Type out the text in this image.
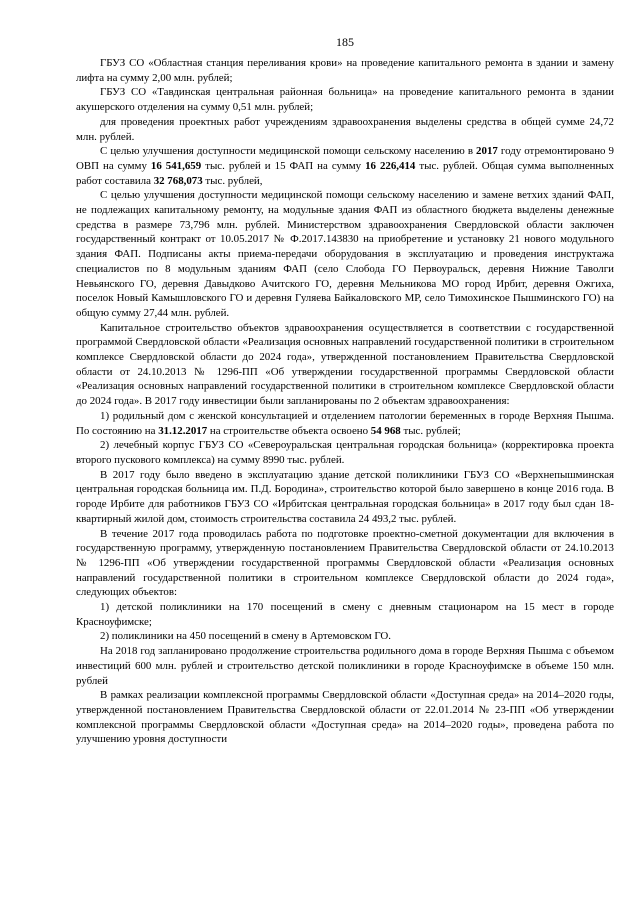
185

ГБУЗ СО «Областная станция переливания крови» на проведение капитального ремонта в здании и замену лифта на сумму 2,00 млн. рублей;

ГБУЗ СО «Тавдинская центральная районная больница» на проведение капитального ремонта в здании акушерского отделения на сумму 0,51 млн. рублей;

для проведения проектных работ учреждениям здравоохранения выделены средства в общей сумме 24,72 млн. рублей.

С целью улучшения доступности медицинской помощи сельскому населению в 2017 году отремонтировано 9 ОВП на сумму 16 541,659 тыс. рублей и 15 ФАП на сумму 16 226,414 тыс. рублей. Общая сумма выполненных работ составила 32 768,073 тыс. рублей,

С целью улучшения доступности медицинской помощи сельскому населению и замене ветхих зданий ФАП, не подлежащих капитальному ремонту, на модульные здания ФАП из областного бюджета выделены денежные средства в размере 73,796 млн. рублей. Министерством здравоохранения Свердловской области заключен государственный контракт от 10.05.2017 № Ф.2017.143830 на приобретение и установку 21 нового модульного здания ФАП. Подписаны акты приема-передачи оборудования в эксплуатацию и проведения инструктажа специалистов по 8 модульным зданиям ФАП (село Слобода ГО Первоуральск, деревня Нижние Таволги Невьянского ГО, деревня Давыдково Ачитского ГО, деревня Мельникова МО город Ирбит, деревня Ожгиха, поселок Новый Камышловского ГО и деревня Гуляева Байкаловского МР, село Тимохинское Пышминского ГО) на общую сумму 27,44 млн. рублей.

Капитальное строительство объектов здравоохранения осуществляется в соответствии с государственной программой Свердловской области «Реализация основных направлений государственной политики в строительном комплексе Свердловской области до 2024 года», утвержденной постановлением Правительства Свердловской области от 24.10.2013 № 1296-ПП «Об утверждении государственной программы Свердловской области «Реализация основных направлений государственной политики в строительном комплексе Свердловской области до 2024 года». В 2017 году инвестиции были запланированы по 2 объектам здравоохранения:

1) родильный дом с женской консультацией и отделением патологии беременных в городе Верхняя Пышма. По состоянию на 31.12.2017 на строительстве объекта освоено 54 968 тыс. рублей;

2) лечебный корпус ГБУЗ СО «Североуральская центральная городская больница» (корректировка проекта второго пускового комплекса) на сумму 8990 тыс. рублей.

В 2017 году было введено в эксплуатацию здание детской поликлиники ГБУЗ СО «Верхнепышминская центральная городская больница им. П.Д. Бородина», строительство которой было завершено в конце 2016 года. В городе Ирбите для работников ГБУЗ СО «Ирбитская центральная городская больница» в 2017 году был сдан 18-квартирный жилой дом, стоимость строительства составила 24 493,2 тыс. рублей.

В течение 2017 года проводилась работа по подготовке проектно-сметной документации для включения в государственную программу, утвержденную постановлением Правительства Свердловской области от 24.10.2013 № 1296-ПП «Об утверждении государственной программы Свердловской области «Реализация основных направлений государственной политики в строительном комплексе Свердловской области до 2024 года», следующих объектов:

1) детской поликлиники на 170 посещений в смену с дневным стационаром на 15 мест в городе Красноуфимске;

2) поликлиники на 450 посещений в смену в Артемовском ГО.

На 2018 год запланировано продолжение строительства родильного дома в городе Верхняя Пышма с объемом инвестиций 600 млн. рублей и строительство детской поликлиники в городе Красноуфимске в объеме 150 млн. рублей

В рамках реализации комплексной программы Свердловской области «Доступная среда» на 2014–2020 годы, утвержденной постановлением Правительства Свердловской области от 22.01.2014 № 23-ПП «Об утверждении комплексной программы Свердловской области «Доступная среда» на 2014–2020 годы», проведена работа по улучшению уровня доступности
